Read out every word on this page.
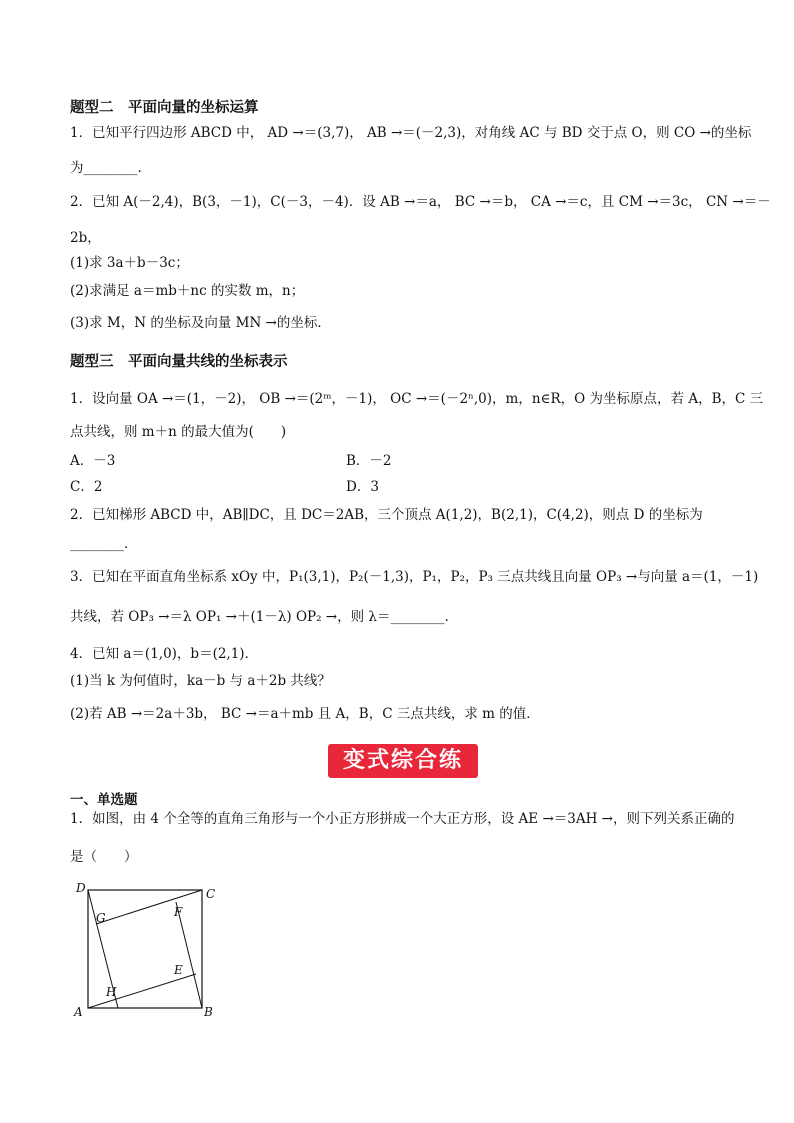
题型二　平面向量的坐标运算
1．已知平行四边形 ABCD 中， AD →＝(3,7)， AB →＝(－2,3)，对角线 AC 与 BD 交于点 O，则 CO →的坐标
为________．
2．已知 A(－2,4)，B(3，－1)，C(－3，－4)．设 AB →＝a， BC →＝b， CA →＝c，且 CM →＝3c， CN →＝－
2b，
(1)求 3a＋b－3c；
(2)求满足 a＝mb＋nc 的实数 m，n；
(3)求 M，N 的坐标及向量 MN →的坐标．
题型三　平面向量共线的坐标表示
1．设向量 OA →＝(1，－2)， OB →＝(2ᵐ，－1)， OC →＝(－2ⁿ,0)，m，n∈R，O 为坐标原点，若 A，B，C 三
点共线，则 m＋n 的最大值为(　　)
A．－3	B．－2
C．2	D．3
2．已知梯形 ABCD 中，AB∥DC，且 DC＝2AB，三个顶点 A(1,2)，B(2,1)，C(4,2)，则点 D 的坐标为
________．
3．已知在平面直角坐标系 xOy 中，P₁(3,1)，P₂(－1,3)，P₁，P₂，P₃ 三点共线且向量 OP₃ →与向量 a＝(1，－1)
共线，若 OP₃ →＝λ OP₁ →＋(1－λ) OP₂ →，则 λ＝________.
4．已知 a＝(1,0)，b＝(2,1)．
(1)当 k 为何值时，ka－b 与 a＋2b 共线？
(2)若 AB →＝2a＋3b， BC →＝a＋mb 且 A，B，C 三点共线，求 m 的值．
变式综合练
一、单选题
1．如图，由 4 个全等的直角三角形与一个小正方形拼成一个大正方形，设 AE →＝3AH →，则下列关系正确的
是（　　）
D	C
A	B
G	F
E
H
